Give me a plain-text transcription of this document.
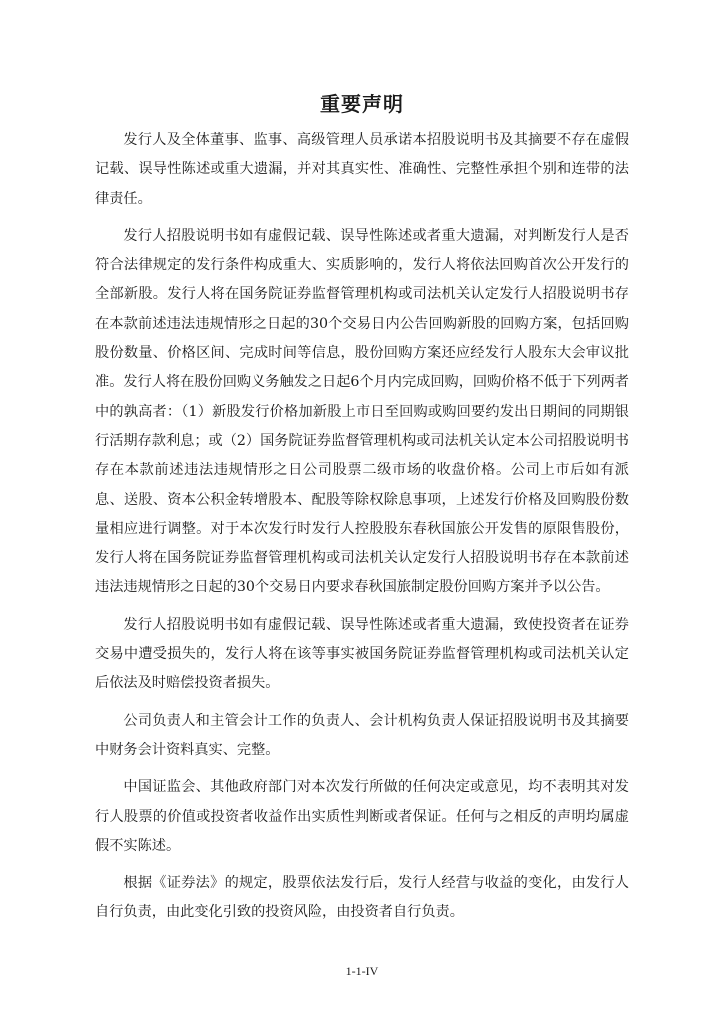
重要声明

发行人及全体董事、监事、高级管理人员承诺本招股说明书及其摘要不存在虚假记载、误导性陈述或重大遗漏，并对其真实性、准确性、完整性承担个别和连带的法律责任。

发行人招股说明书如有虚假记载、误导性陈述或者重大遗漏，对判断发行人是否符合法律规定的发行条件构成重大、实质影响的，发行人将依法回购首次公开发行的全部新股。发行人将在国务院证券监督管理机构或司法机关认定发行人招股说明书存在本款前述违法违规情形之日起的30个交易日内公告回购新股的回购方案，包括回购股份数量、价格区间、完成时间等信息，股份回购方案还应经发行人股东大会审议批准。发行人将在股份回购义务触发之日起6个月内完成回购，回购价格不低于下列两者中的孰高者：（1）新股发行价格加新股上市日至回购或购回要约发出日期间的同期银行活期存款利息；或（2）国务院证券监督管理机构或司法机关认定本公司招股说明书存在本款前述违法违规情形之日公司股票二级市场的收盘价格。公司上市后如有派息、送股、资本公积金转增股本、配股等除权除息事项，上述发行价格及回购股份数量相应进行调整。对于本次发行时发行人控股股东春秋国旅公开发售的原限售股份，发行人将在国务院证券监督管理机构或司法机关认定发行人招股说明书存在本款前述违法违规情形之日起的30个交易日内要求春秋国旅制定股份回购方案并予以公告。

发行人招股说明书如有虚假记载、误导性陈述或者重大遗漏，致使投资者在证券交易中遭受损失的，发行人将在该等事实被国务院证券监督管理机构或司法机关认定后依法及时赔偿投资者损失。

公司负责人和主管会计工作的负责人、会计机构负责人保证招股说明书及其摘要中财务会计资料真实、完整。

中国证监会、其他政府部门对本次发行所做的任何决定或意见，均不表明其对发行人股票的价值或投资者收益作出实质性判断或者保证。任何与之相反的声明均属虚假不实陈述。

根据《证券法》的规定，股票依法发行后，发行人经营与收益的变化，由发行人自行负责，由此变化引致的投资风险，由投资者自行负责。

1-1-IV
